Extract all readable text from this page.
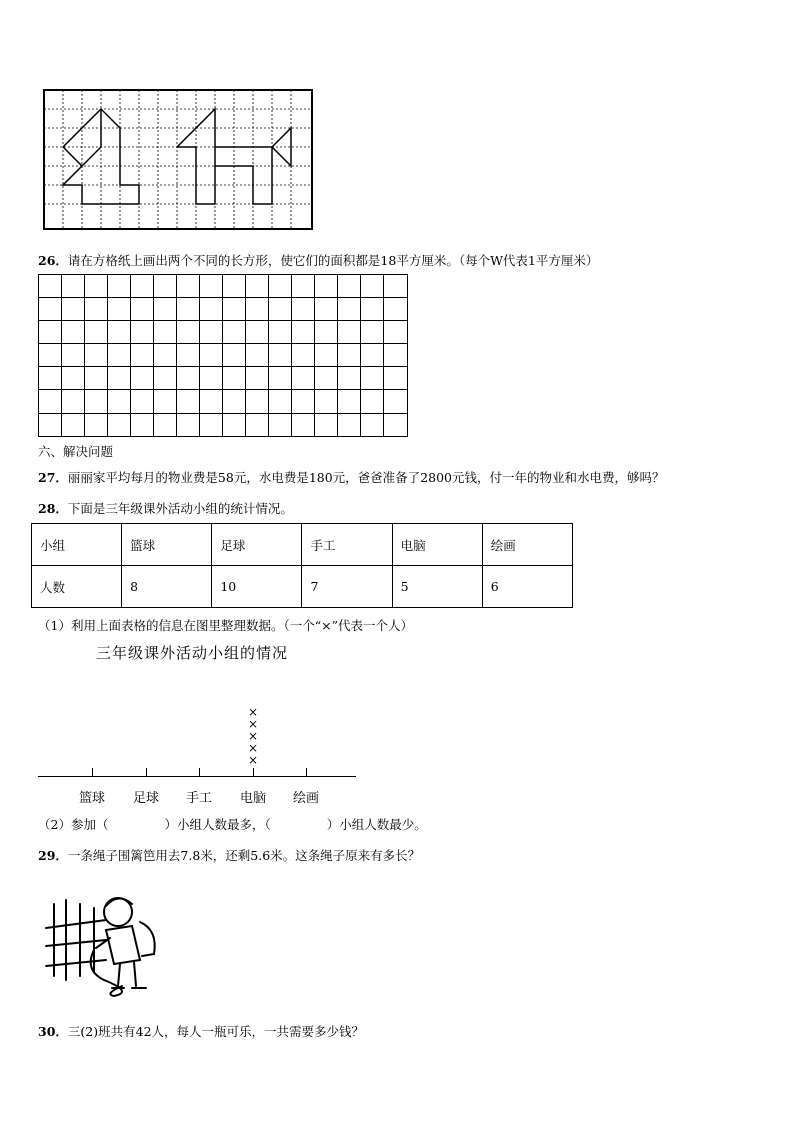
26．请在方格纸上画出两个不同的长方形，使它们的面积都是18平方厘米。（每个W代表1平方厘米）
六、解决问题
27．丽丽家平均每月的物业费是58元，水电费是180元，爸爸准备了2800元钱，付一年的物业和水电费，够吗？
28．下面是三年级课外活动小组的统计情况。
小组	篮球	足球	手工	电脑	绘画
人数	8	10	7	5	6
（1）利用上面表格的信息在图里整理数据。（一个“×”代表一个人）
三年级课外活动小组的情况
×
×
×
×
×
篮球	足球	手工	电脑	绘画
（2）参加（	）小组人数最多，（	）小组人数最少。
29．一条绳子围篱笆用去7.8米，还剩5.6米。这条绳子原来有多长？
30．三(2)班共有42人，每人一瓶可乐，一共需要多少钱？
